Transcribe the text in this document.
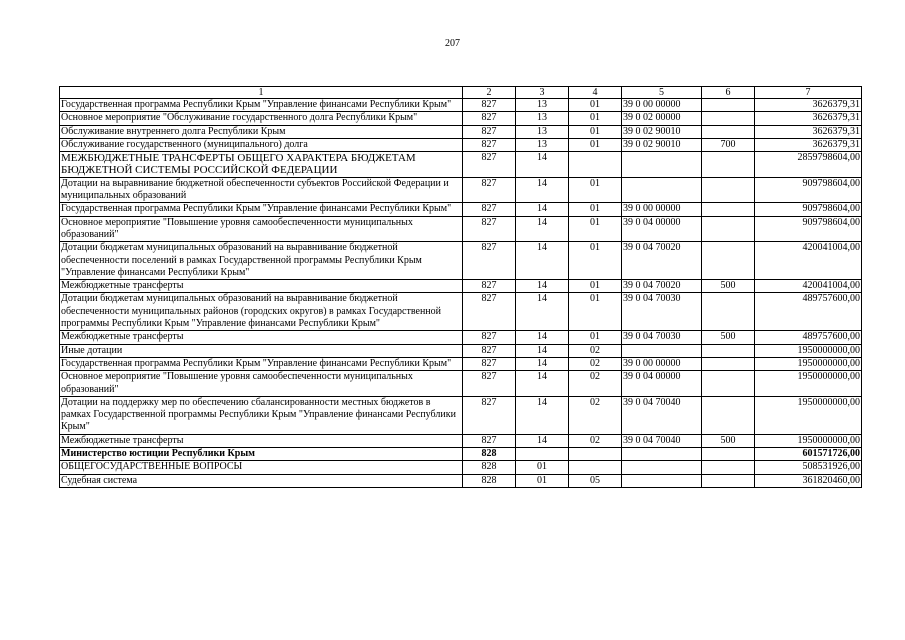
207
1	2	3	4	5	6	7
Государственная программа Республики Крым "Управление финансами Республики Крым"	827	13	01	39 0 00 00000		3626379,31
Основное мероприятие "Обслуживание государственного долга Республики Крым"	827	13	01	39 0 02 00000		3626379,31
Обслуживание внутреннего долга Республики Крым	827	13	01	39 0 02 90010		3626379,31
Обслуживание государственного (муниципального) долга	827	13	01	39 0 02 90010	700	3626379,31
МЕЖБЮДЖЕТНЫЕ ТРАНСФЕРТЫ ОБЩЕГО ХАРАКТЕРА БЮДЖЕТАМ БЮДЖЕТНОЙ СИСТЕМЫ РОССИЙСКОЙ ФЕДЕРАЦИИ	827	14				2859798604,00
Дотации на выравнивание бюджетной обеспеченности субъектов Российской Федерации и муниципальных образований	827	14	01			909798604,00
Государственная программа Республики Крым "Управление финансами Республики Крым"	827	14	01	39 0 00 00000		909798604,00
Основное мероприятие "Повышение уровня самообеспеченности муниципальных образований"	827	14	01	39 0 04 00000		909798604,00
Дотации бюджетам муниципальных образований на выравнивание бюджетной обеспеченности поселений в рамках Государственной программы Республики Крым "Управление финансами Республики Крым"	827	14	01	39 0 04 70020		420041004,00
Межбюджетные трансферты	827	14	01	39 0 04 70020	500	420041004,00
Дотации бюджетам муниципальных образований на выравнивание бюджетной обеспеченности муниципальных районов (городских округов) в рамках Государственной программы Республики Крым "Управление финансами Республики Крым"	827	14	01	39 0 04 70030		489757600,00
Межбюджетные трансферты	827	14	01	39 0 04 70030	500	489757600,00
Иные дотации	827	14	02			1950000000,00
Государственная программа Республики Крым "Управление финансами Республики Крым"	827	14	02	39 0 00 00000		1950000000,00
Основное мероприятие "Повышение уровня самообеспеченности муниципальных образований"	827	14	02	39 0 04 00000		1950000000,00
Дотации на поддержку мер по обеспечению сбалансированности местных бюджетов в рамках Государственной программы Республики Крым "Управление финансами Республики Крым"	827	14	02	39 0 04 70040		1950000000,00
Межбюджетные трансферты	827	14	02	39 0 04 70040	500	1950000000,00
Министерство юстиции Республики Крым	828					601571726,00
ОБЩЕГОСУДАРСТВЕННЫЕ ВОПРОСЫ	828	01				508531926,00
Судебная система	828	01	05			361820460,00
